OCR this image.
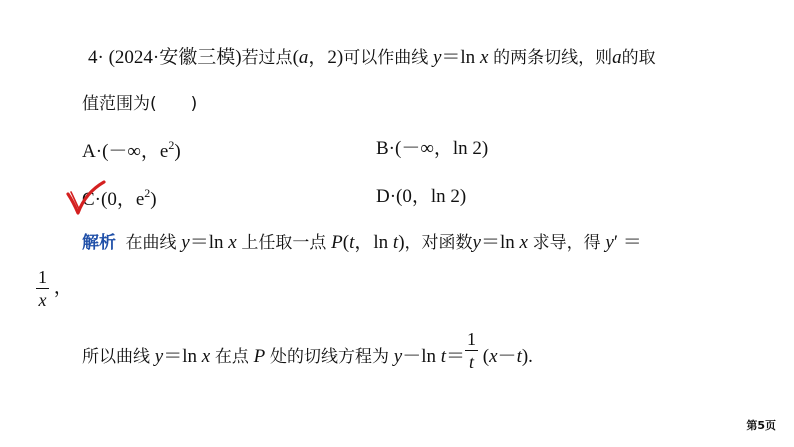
4· (2024·安徽三模)若过点(a，2)可以作曲线 y＝ln x 的两条切线，则a的取
值范围为(　　)
A·(－∞，$e^2$)	B·(－∞，ln 2)
C·(0，$e^2$)	D·(0，ln 2)
解析 在曲线 y＝ln x 上任取一点 P(t，ln t)，对函数y＝ln x 求导，得 y′ ＝
$\frac{1}{x}$ ，
所以曲线 y＝ln x 在点 P 处的切线方程为 y－ln $t= \frac{1}{t} (x-t)$.
第5页
